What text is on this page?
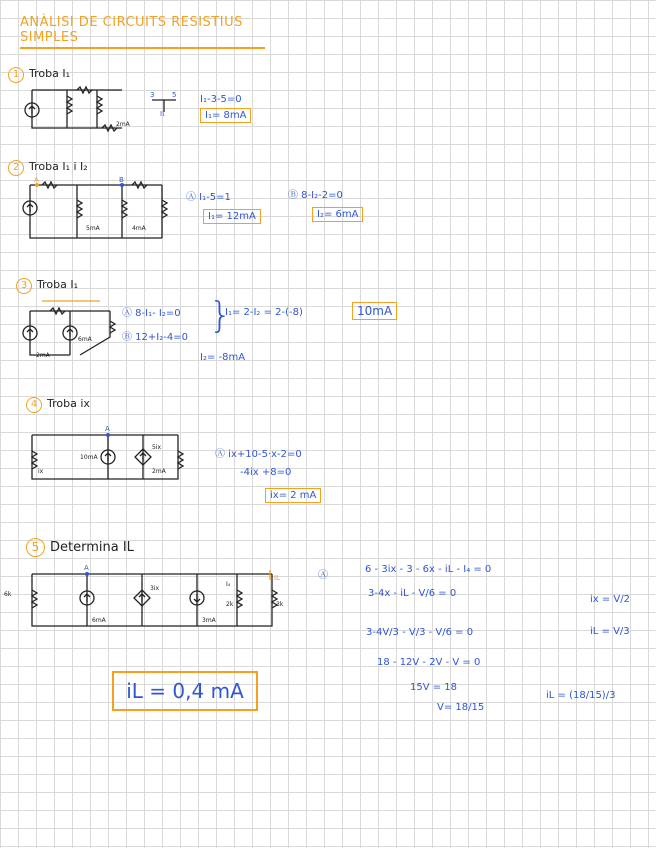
ANÀLISI DE CIRCUITS RESISTIUS SIMPLES
1 Troba I₁
2mA
3	5
I₁
I₁-3-5=0
I₁= 8mA
2 Troba I₁ i I₂
A	B
5mA	4mA
Ⓐ I₁-5=1
I₁= 12mA
Ⓑ 8-I₂-2=0
I₂= 6mA
3 Troba I₁
2mA
6mA
Ⓐ 8-I₁- I₂=0
Ⓑ 12+I₂-4=0
}
I₁= 2-I₂ = 2-(-8)	10mA
I₂= -8mA
4 Troba ix
A
ix
10mA
5ix
2mA
Ⓐ ix+10-5·x-2=0
-4ix +8=0
ix= 2 mA
5 Determina IL
A
6k
6mA
3ix
3mA
I₄
2k
IL
3k
Ⓐ
6 - 3ix - 3 - 6x - iL - I₄ = 0
3-4x - iL - V/6 = 0
3-4V/3 - V/3 - V/6 = 0
18 - 12V - 2V - V = 0
15V = 18
V= 18/15
ix = V/2
iL = V/3
iL = (18/15)/3
iL = 0,4 mA
